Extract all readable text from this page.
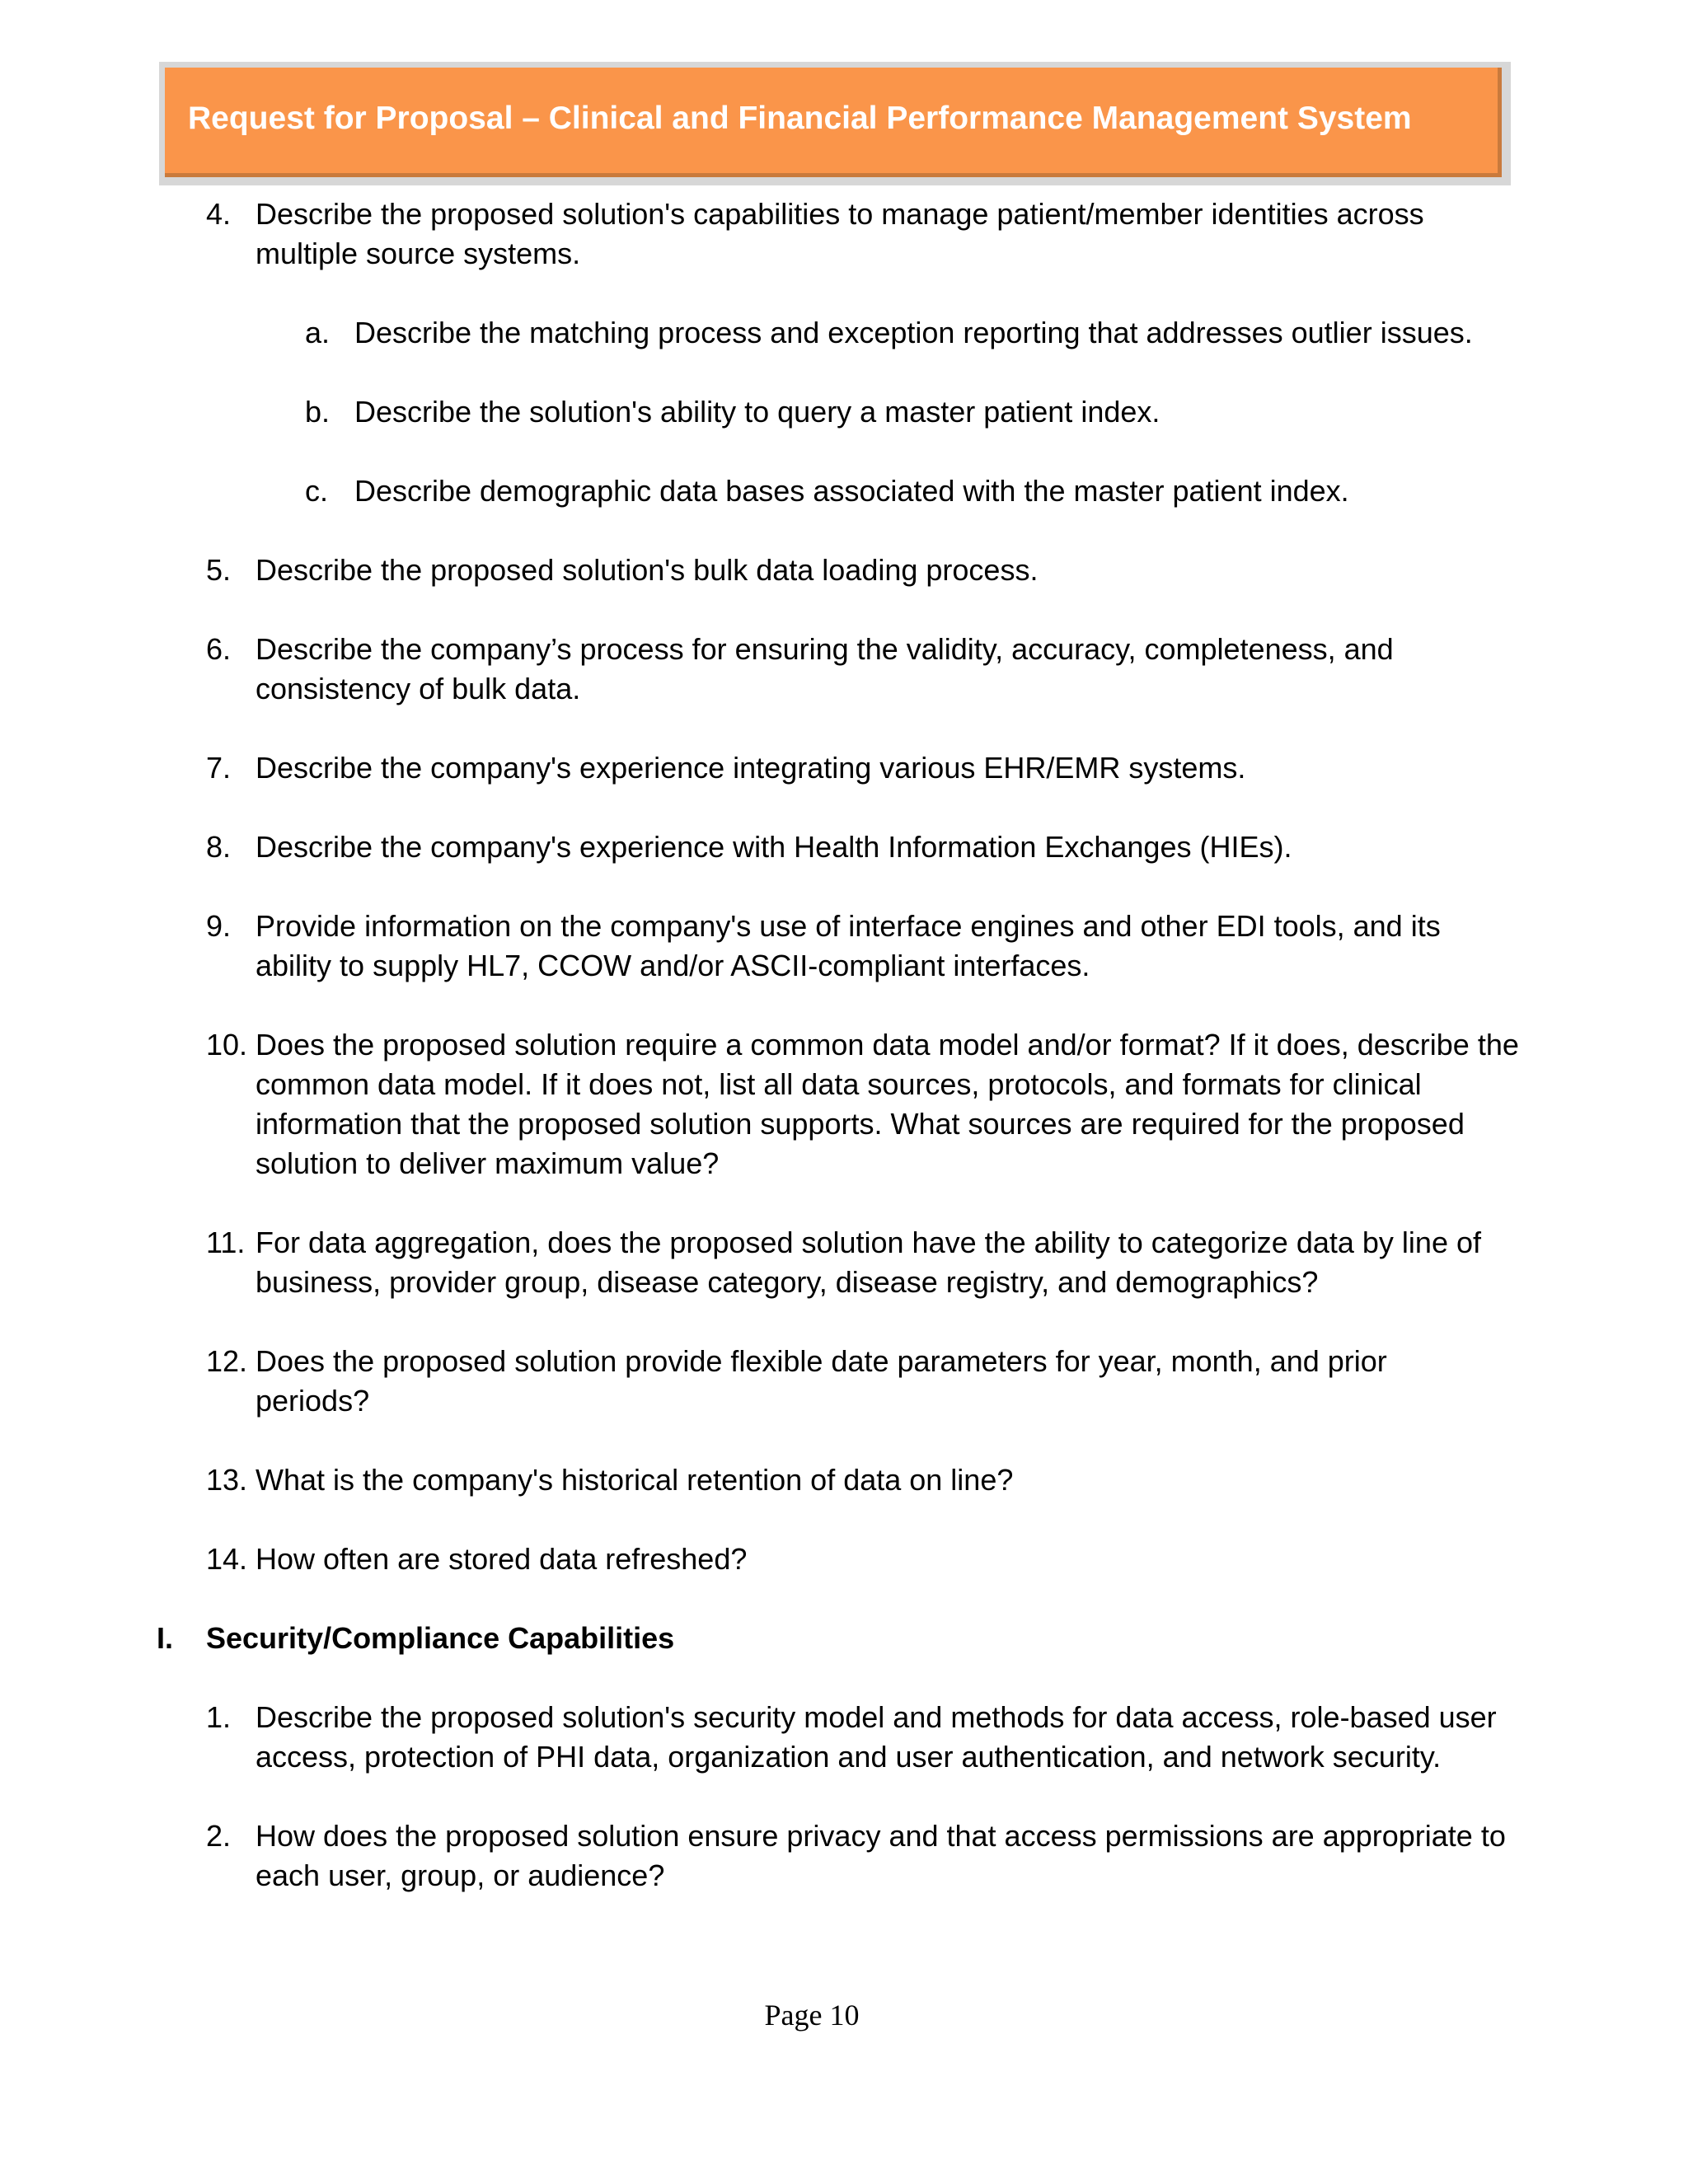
Request for Proposal – Clinical and Financial Performance Management System
4. Describe the proposed solution's capabilities to manage patient/member identities across multiple source systems.
a. Describe the matching process and exception reporting that addresses outlier issues.
b. Describe the solution's ability to query a master patient index.
c. Describe demographic data bases associated with the master patient index.
5. Describe the proposed solution's bulk data loading process.
6. Describe the company’s process for ensuring the validity, accuracy, completeness, and consistency of bulk data.
7. Describe the company's experience integrating various EHR/EMR systems.
8. Describe the company's experience with Health Information Exchanges (HIEs).
9. Provide information on the company's use of interface engines and other EDI tools, and its ability to supply HL7, CCOW and/or ASCII-compliant interfaces.
10. Does the proposed solution require a common data model and/or format? If it does, describe the common data model. If it does not, list all data sources, protocols, and formats for clinical information that the proposed solution supports. What sources are required for the proposed solution to deliver maximum value?
11. For data aggregation, does the proposed solution have the ability to categorize data by line of business, provider group, disease category, disease registry, and demographics?
12. Does the proposed solution provide flexible date parameters for year, month, and prior periods?
13. What is the company's historical retention of data on line?
14. How often are stored data refreshed?
I. Security/Compliance Capabilities
1. Describe the proposed solution's security model and methods for data access, role-based user access, protection of PHI data, organization and user authentication, and network security.
2. How does the proposed solution ensure privacy and that access permissions are appropriate to each user, group, or audience?
Page 10
